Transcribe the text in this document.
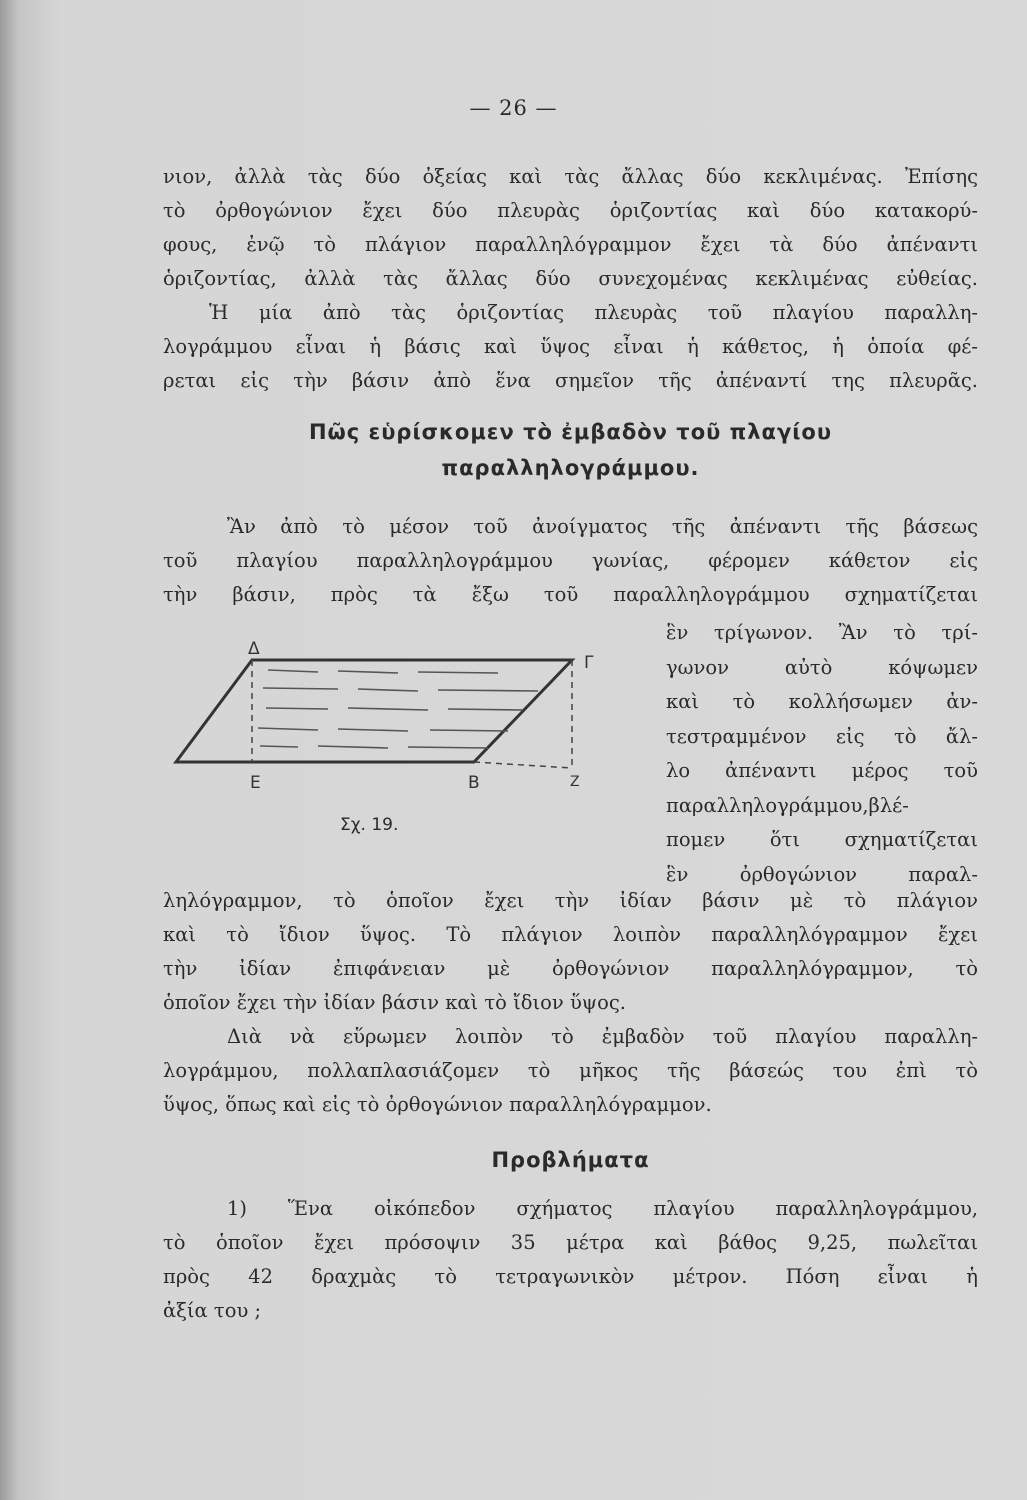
— 26 —
νιον, ἀλλὰ τὰς δύο ὀξείας καὶ τὰς ἄλλας δύο κεκλιμένας. Ἐπίσης
τὸ ὀρθογώνιον ἔχει δύο πλευρὰς ὁριζοντίας καὶ δύο κατακορύ-
φους, ἐνῷ τὸ πλάγιον παραλληλόγραμμον ἔχει τὰ δύο ἀπέναντι
ὁριζοντίας, ἀλλὰ τὰς ἄλλας δύο συνεχομένας κεκλιμένας εὐθείας.
Ἡ μία ἀπὸ τὰς ὁριζοντίας πλευρὰς τοῦ πλαγίου παραλλη-
λογράμμου εἶναι ἡ βάσις καὶ ὕψος εἶναι ἡ κάθετος, ἡ ὁποία φέ-
ρεται εἰς τὴν βάσιν ἀπὸ ἕνα σημεῖον τῆς ἀπέναντί της πλευρᾶς.
Πῶς εὑρίσκομεν τὸ ἐμβαδὸν τοῦ πλαγίου
παραλληλογράμμου.
Ἂν ἀπὸ τὸ μέσον τοῦ ἀνοίγματος τῆς ἀπέναντι τῆς βάσεως
τοῦ πλαγίου παραλληλογράμμου γωνίας, φέρομεν κάθετον εἰς
τὴν βάσιν, πρὸς τὰ ἔξω τοῦ παραλληλογράμμου σχηματίζεται
Δ
Γ
Ε	Β	Ζ
Σχ. 19.
ἓν τρίγωνον. Ἂν τὸ τρί-
γωνον αὐτὸ κόψωμεν
καὶ τὸ κολλήσωμεν ἀν-
τεστραμμένον εἰς τὸ ἄλ-
λο ἀπέναντι μέρος τοῦ
παραλληλογράμμου,βλέ-
πομεν ὅτι σχηματίζεται
ἓν ὀρθογώνιον παραλ-
ληλόγραμμον, τὸ ὁποῖον ἔχει τὴν ἰδίαν βάσιν μὲ τὸ πλάγιον
καὶ τὸ ἴδιον ὕψος. Τὸ πλάγιον λοιπὸν παραλληλόγραμμον ἔχει
τὴν ἰδίαν ἐπιφάνειαν μὲ ὀρθογώνιον παραλληλόγραμμον, τὸ
ὁποῖον ἔχει τὴν ἰδίαν βάσιν καὶ τὸ ἴδιον ὕψος.
Διὰ νὰ εὕρωμεν λοιπὸν τὸ ἐμβαδὸν τοῦ πλαγίου παραλλη-
λογράμμου, πολλαπλασιάζομεν τὸ μῆκος τῆς βάσεώς του ἐπὶ τὸ
ὕψος, ὅπως καὶ εἰς τὸ ὀρθογώνιον παραλληλόγραμμον.
Προβλήματα
1) Ἕνα οἰκόπεδον σχήματος πλαγίου παραλληλογράμμου,
τὸ ὁποῖον ἔχει πρόσοψιν 35 μέτρα καὶ βάθος 9,25, πωλεῖται
πρὸς 42 δραχμὰς τὸ τετραγωνικὸν μέτρον. Πόση εἶναι ἡ
ἀξία του ;
